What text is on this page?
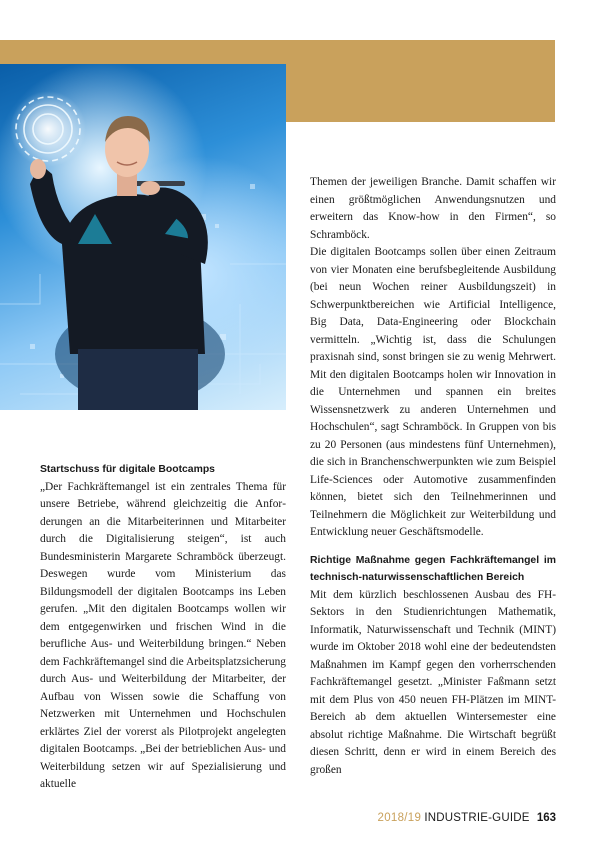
Startschuss für digitale Bootcamps

„Der Fachkräftemangel ist ein zentrales Thema für unsere Betriebe, während gleichzeitig die Anforderungen an die Mitarbeiterinnen und Mitarbeiter durch die Digitalisierung steigen“, ist auch Bundesministerin Margarete Schramböck überzeugt. Deswegen wurde vom Ministerium das Bildungsmodell der digitalen Bootcamps ins Leben gerufen. „Mit den digitalen Bootcamps wollen wir dem entgegenwirken und frischen Wind in die berufliche Aus- und Weiterbildung bringen.“ Neben dem Fachkräftemangel sind die Arbeitsplatzsicherung durch Aus- und Weiterbildung der Mitarbeiter, der Aufbau von Wissen sowie die Schaffung von Netzwerken mit Unternehmen und Hochschulen erklärtes Ziel der vorerst als Pilotprojekt angelegten digitalen Bootcamps. „Bei der betrieblichen Aus- und Weiterbildung setzen wir auf Spezialisierung und aktuelle

Themen der jeweiligen Branche. Damit schaffen wir einen größtmöglichen Anwendungsnutzen und erweitern das Know-how in den Firmen“, so Schramböck.

Die digitalen Bootcamps sollen über einen Zeitraum von vier Monaten eine berufsbegleitende Ausbildung (bei neun Wochen reiner Ausbildungszeit) in Schwerpunktbereichen wie Artificial Intelligence, Big Data, Data-Engineering oder Blockchain vermitteln. „Wichtig ist, dass die Schulungen praxisnah sind, sonst bringen sie zu wenig Mehrwert. Mit den digitalen Bootcamps holen wir Innovation in die Unternehmen und spannen ein breites Wissensnetzwerk zu anderen Unternehmen und Hochschulen“, sagt Schramböck. In Gruppen von bis zu 20 Personen (aus mindestens fünf Unternehmen), die sich in Branchenschwerpunkten wie zum Beispiel Life-Sciences oder Automotive zusammenfinden können, bietet sich den Teilnehmerinnen und Teilnehmern die Möglichkeit zur Weiterbildung und Entwicklung neuer Geschäftsmodelle.

Richtige Maßnahme gegen Fachkräftemangel im technisch-naturwissenschaftlichen Bereich

Mit dem kürzlich beschlossenen Ausbau des FH-Sektors in den Studienrichtungen Mathematik, Informatik, Naturwissenschaft und Technik (MINT) wurde im Oktober 2018 wohl eine der bedeutendsten Maßnahmen im Kampf gegen den vorherrschenden Fachkräftemangel gesetzt. „Minister Faßmann setzt mit dem Plus von 450 neuen FH-Plätzen im MINT-Bereich ab dem aktuellen Wintersemester eine absolut richtige Maßnahme. Die Wirtschaft begrüßt diesen Schritt, denn er wird in einem Bereich des großen

2018/19 INDUSTRIE-GUIDE 163
